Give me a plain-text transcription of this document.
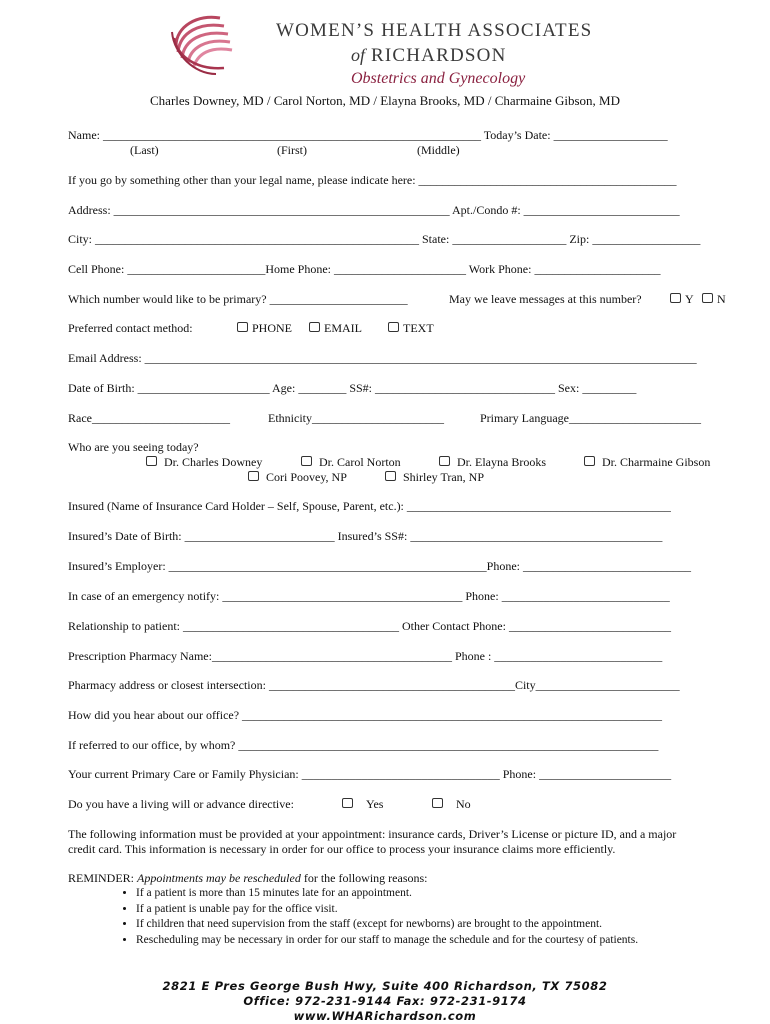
WOMEN’S HEALTH ASSOCIATES
of RICHARDSON
Obstetrics and Gynecology
Charles Downey, MD / Carol Norton, MD / Elayna Brooks, MD / Charmaine Gibson, MD
Name: _______________________________________________________________ Today’s Date: ___________________
(Last)	(First)	(Middle)
If you go by something other than your legal name, please indicate here: ___________________________________________
Address: ________________________________________________________ Apt./Condo #: __________________________
City: ______________________________________________________ State: ___________________ Zip: __________________
Cell Phone: _______________________Home Phone: ______________________ Work Phone: _____________________
Which number would like to be primary? _______________________	May we leave messages at this number?	Y	N
Preferred contact method:	PHONE	EMAIL	TEXT
Email Address: ____________________________________________________________________________________________
Date of Birth: ______________________ Age: ________ SS#: ______________________________ Sex: _________
Race_______________________	Ethnicity______________________	Primary Language______________________
Who are you seeing today?
Dr. Charles Downey	Dr. Carol Norton	Dr. Elayna Brooks	Dr. Charmaine Gibson
Cori Poovey, NP	Shirley Tran, NP
Insured (Name of Insurance Card Holder – Self, Spouse, Parent, etc.): ____________________________________________
Insured’s Date of Birth: _________________________ Insured’s SS#: __________________________________________
Insured’s Employer: _____________________________________________________Phone: ____________________________
In case of an emergency notify: ________________________________________ Phone: ____________________________
Relationship to patient: ____________________________________ Other Contact Phone: ___________________________
Prescription Pharmacy Name:________________________________________ Phone : ____________________________
Pharmacy address or closest intersection: _________________________________________City________________________
How did you hear about our office? ______________________________________________________________________
If referred to our office, by whom? ______________________________________________________________________
Your current Primary Care or Family Physician: _________________________________ Phone: ______________________
Do you have a living will or advance directive:	Yes	No
The following information must be provided at your appointment: insurance cards, Driver’s License or picture ID, and a major
credit card. This information is necessary in order for our office to process your insurance claims more efficiently.
REMINDER: Appointments may be rescheduled for the following reasons:
• If a patient is more than 15 minutes late for an appointment.
• If a patient is unable pay for the office visit.
• If children that need supervision from the staff (except for newborns) are brought to the appointment.
• Rescheduling may be necessary in order for our staff to manage the schedule and for the courtesy of patients.
2821 E Pres George Bush Hwy, Suite 400 Richardson, TX 75082
Office: 972-231-9144 Fax: 972-231-9174
www.WHARichardson.com
